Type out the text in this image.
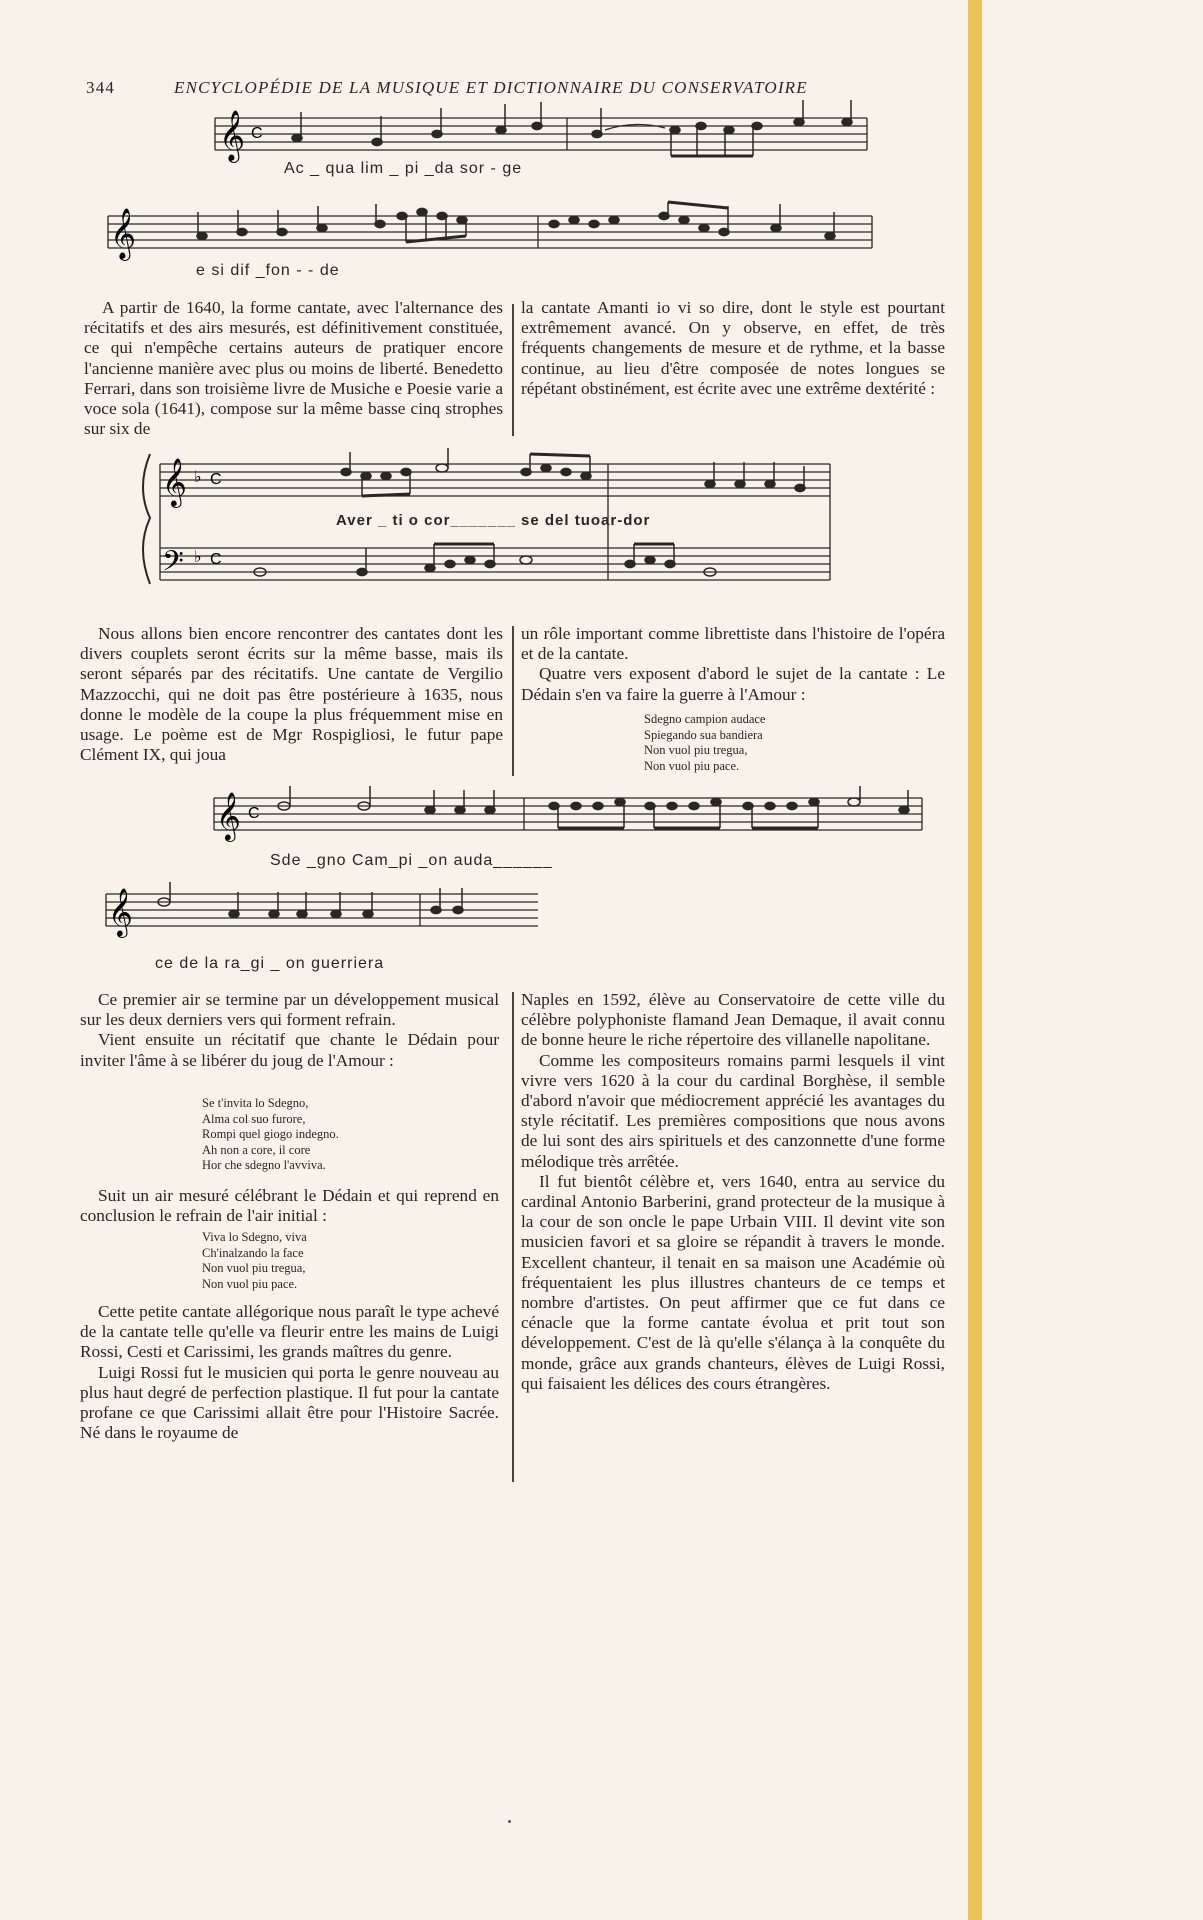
344	ENCYCLOPÉDIE DE LA MUSIQUE ET DICTIONNAIRE DU CONSERVATOIRE
𝄞 C
Ac _ qua lim _ pi _da sor - ge
𝄞
e si dif _fon - - de

A partir de 1640, la forme cantate, avec l'alternance des récitatifs et des airs mesurés, est définitivement constituée, ce qui n'empêche certains auteurs de pratiquer encore l'ancienne manière avec plus ou moins de liberté. Benedetto Ferrari, dans son troisième livre de Musiche e Poesie varie a voce sola (1641), compose sur la même basse cinq strophes sur six de

la cantate Amanti io vi so dire, dont le style est pourtant extrêmement avancé. On y observe, en effet, de très fréquents changements de mesure et de rythme, et la basse continue, au lieu d'être composée de notes longues se répétant obstinément, est écrite avec une extrême dextérité :

𝄞
𝄢
♭
♭
C
C
Aver _ ti o cor_______ se del tuoar-dor

Nous allons bien encore rencontrer des cantates dont les divers couplets seront écrits sur la même basse, mais ils seront séparés par des récitatifs. Une cantate de Vergilio Mazzocchi, qui ne doit pas être postérieure à 1635, nous donne le modèle de la coupe la plus fréquemment mise en usage. Le poème est de Mgr Rospigliosi, le futur pape Clément IX, qui joua

un rôle important comme librettiste dans l'histoire de l'opéra et de la cantate.

Quatre vers exposent d'abord le sujet de la cantate : Le Dédain s'en va faire la guerre à l'Amour :

Sdegno campion audace
Spiegando sua bandiera
Non vuol piu tregua,
Non vuol piu pace.
𝄞 C
Sde _gno Cam_pi _on auda______
𝄞
ce de la ra_gi _ on guerriera

Ce premier air se termine par un développement musical sur les deux derniers vers qui forment refrain.

Vient ensuite un récitatif que chante le Dédain pour inviter l'âme à se libérer du joug de l'Amour :

Se t'invita lo Sdegno,
Alma col suo furore,
Rompi quel giogo indegno.
Ah non a core, il core
Hor che sdegno l'avviva.

Suit un air mesuré célébrant le Dédain et qui reprend en conclusion le refrain de l'air initial :

Viva lo Sdegno, viva
Ch'inalzando la face
Non vuol piu tregua,
Non vuol piu pace.

Cette petite cantate allégorique nous paraît le type achevé de la cantate telle qu'elle va fleurir entre les mains de Luigi Rossi, Cesti et Carissimi, les grands maîtres du genre.

Luigi Rossi fut le musicien qui porta le genre nouveau au plus haut degré de perfection plastique. Il fut pour la cantate profane ce que Carissimi allait être pour l'Histoire Sacrée. Né dans le royaume de

Naples en 1592, élève au Conservatoire de cette ville du célèbre polyphoniste flamand Jean Demaque, il avait connu de bonne heure le riche répertoire des villanelle napolitane.

Comme les compositeurs romains parmi lesquels il vint vivre vers 1620 à la cour du cardinal Borghèse, il semble d'abord n'avoir que médiocrement apprécié les avantages du style récitatif. Les premières compositions que nous avons de lui sont des airs spirituels et des canzonnette d'une forme mélodique très arrêtée.

Il fut bientôt célèbre et, vers 1640, entra au service du cardinal Antonio Barberini, grand protecteur de la musique à la cour de son oncle le pape Urbain VIII. Il devint vite son musicien favori et sa gloire se répandit à travers le monde. Excellent chanteur, il tenait en sa maison une Académie où fréquentaient les plus illustres chanteurs de ce temps et nombre d'artistes. On peut affirmer que ce fut dans ce cénacle que la forme cantate évolua et prit tout son développement. C'est de là qu'elle s'élança à la conquête du monde, grâce aux grands chanteurs, élèves de Luigi Rossi, qui faisaient les délices des cours étrangères.
